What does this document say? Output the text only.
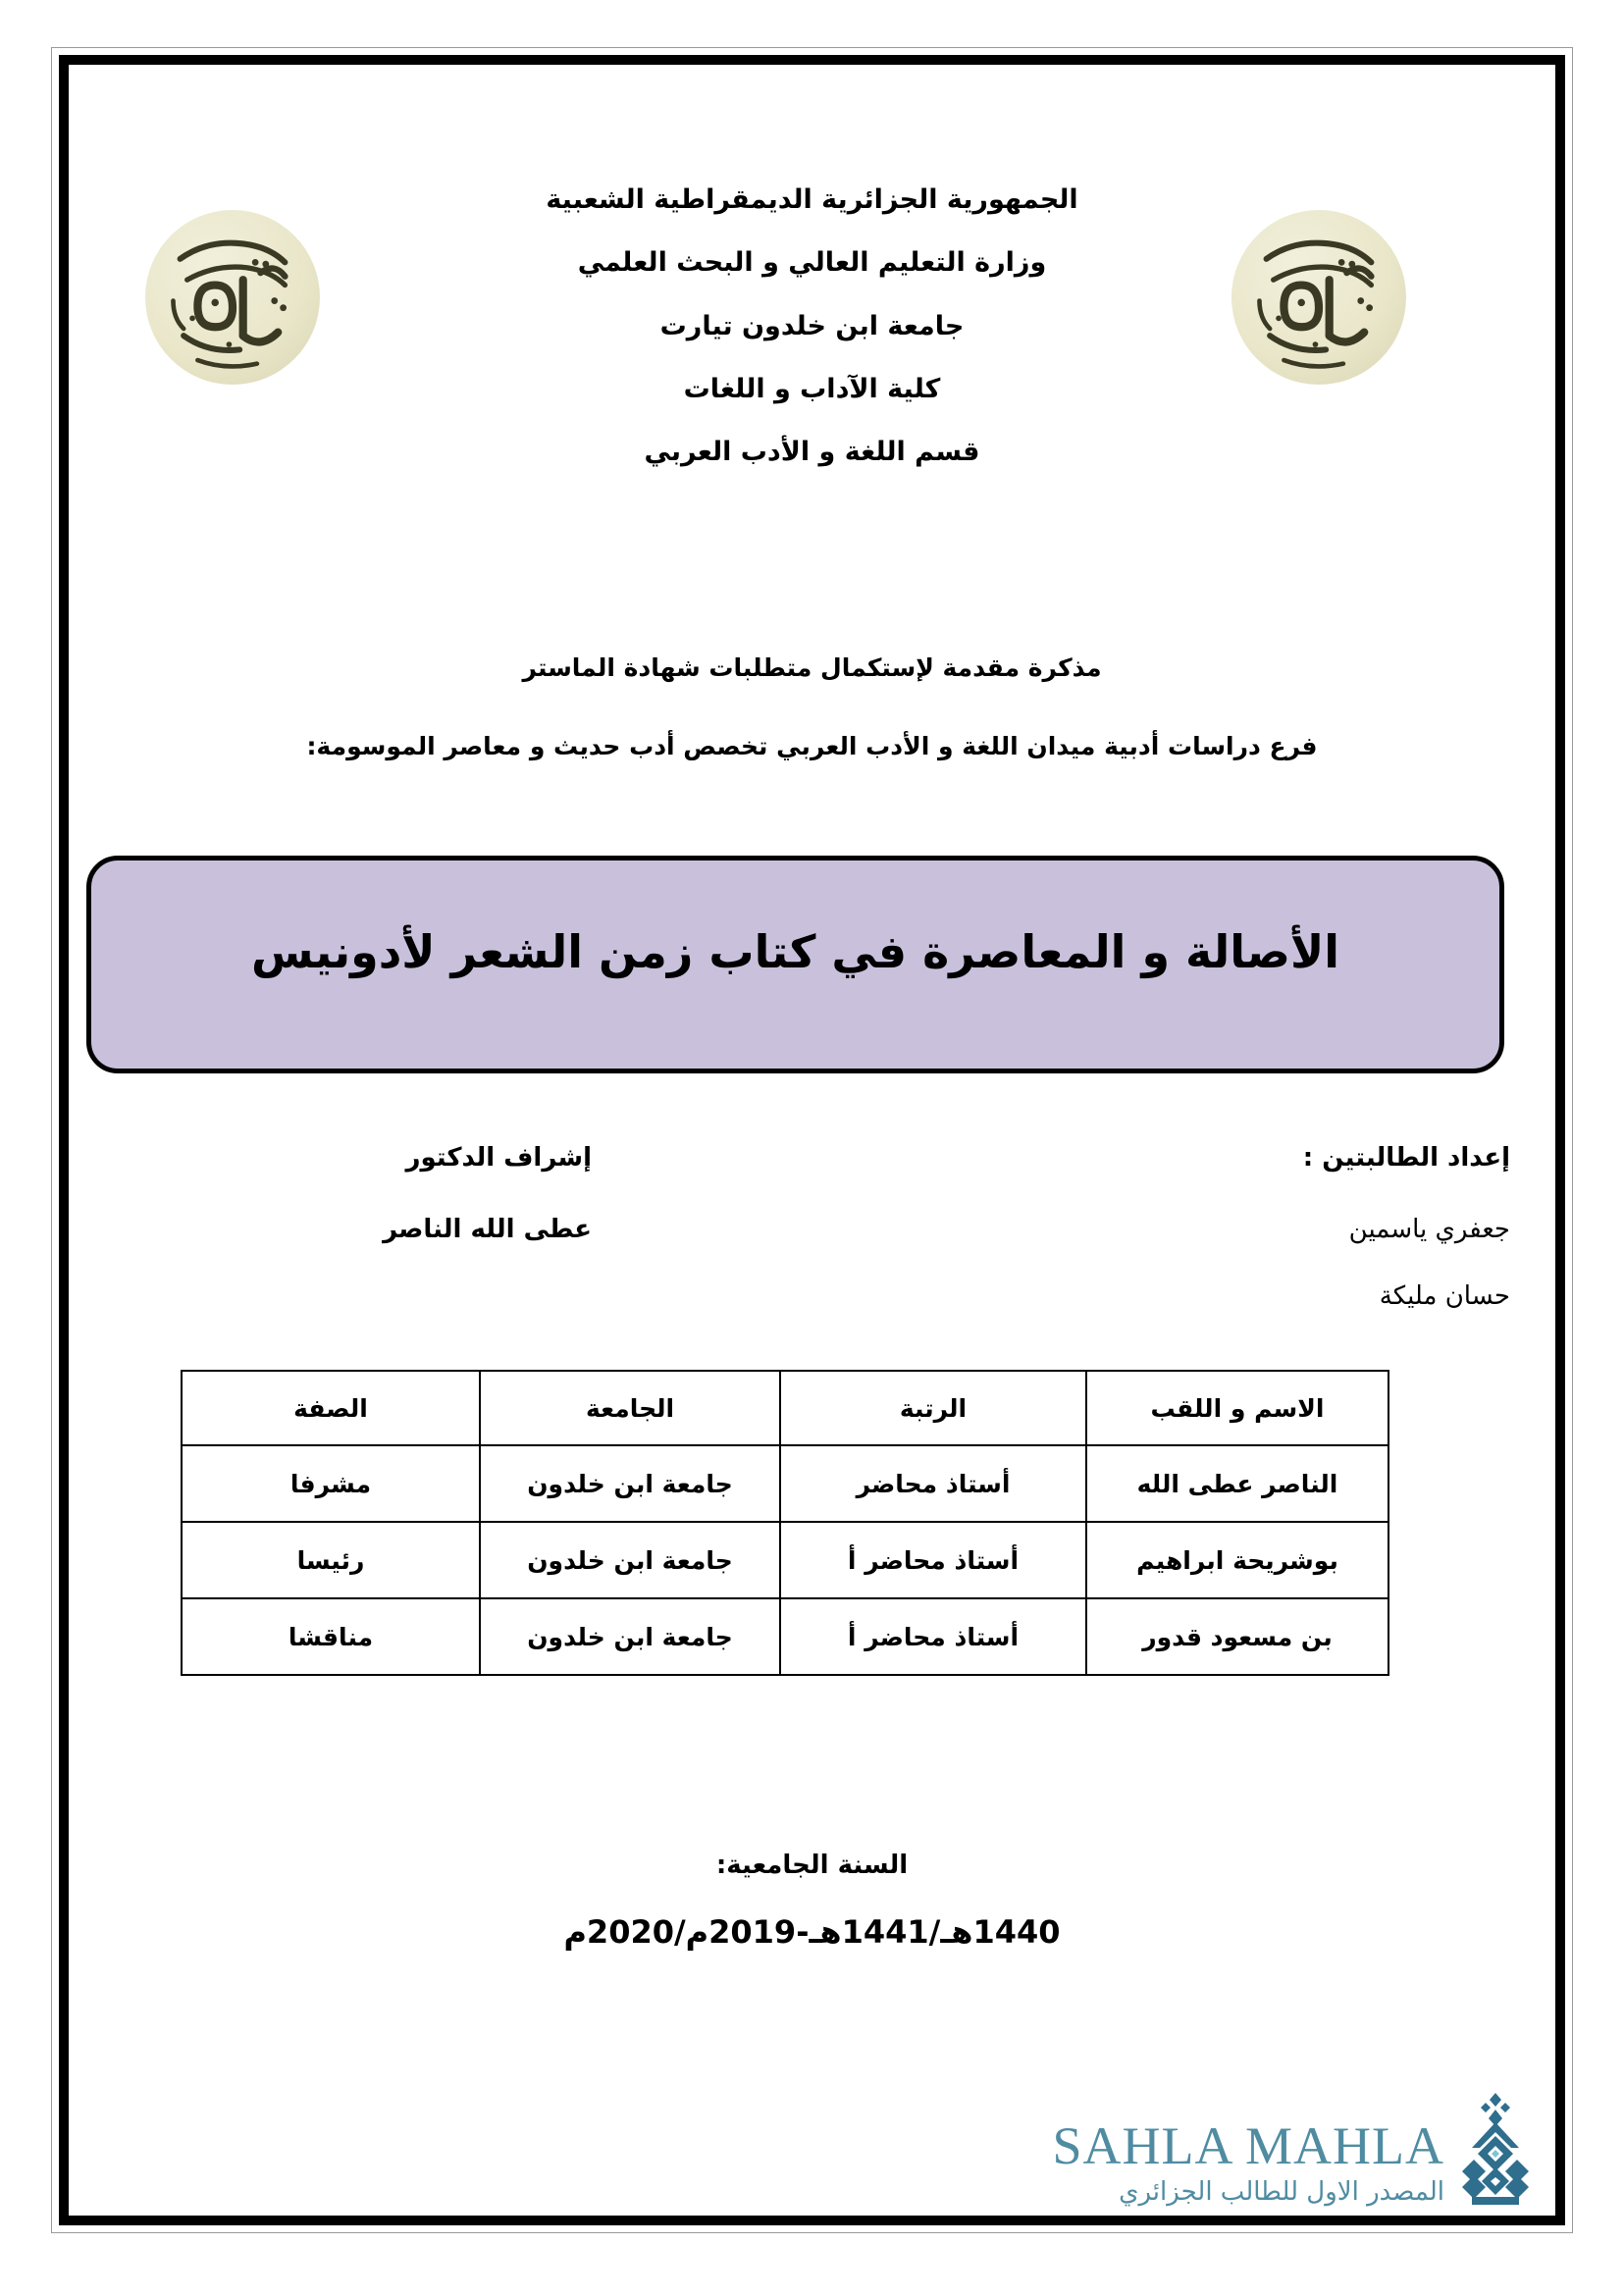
الجمهورية الجزائرية الديمقراطية الشعبية
وزارة التعليم العالي و البحث العلمي
جامعة ابن خلدون تيارت
كلية الآداب و اللغات
قسم اللغة و الأدب العربي
مذكرة مقدمة لإستكمال متطلبات شهادة الماستر
فرع دراسات أدبية ميدان اللغة و الأدب العربي تخصص أدب حديث و معاصر الموسومة:
الأصالة و المعاصرة في كتاب زمن الشعر لأدونيس
إعداد الطالبتين :
جعفري ياسمين
حسان مليكة
إشراف الدكتور
عطى الله الناصر
الاسم و اللقب	الرتبة	الجامعة	الصفة
الناصر عطى الله	أستاذ محاضر	جامعة ابن خلدون	مشرفا
بوشريحة ابراهيم	أستاذ محاضر أ	جامعة ابن خلدون	رئيسا
بن مسعود قدور	أستاذ محاضر أ	جامعة ابن خلدون	مناقشا
السنة الجامعية:
1440هـ/1441هـ-2019م/2020م
SAHLA MAHLA
المصدر الاول للطالب الجزائري
